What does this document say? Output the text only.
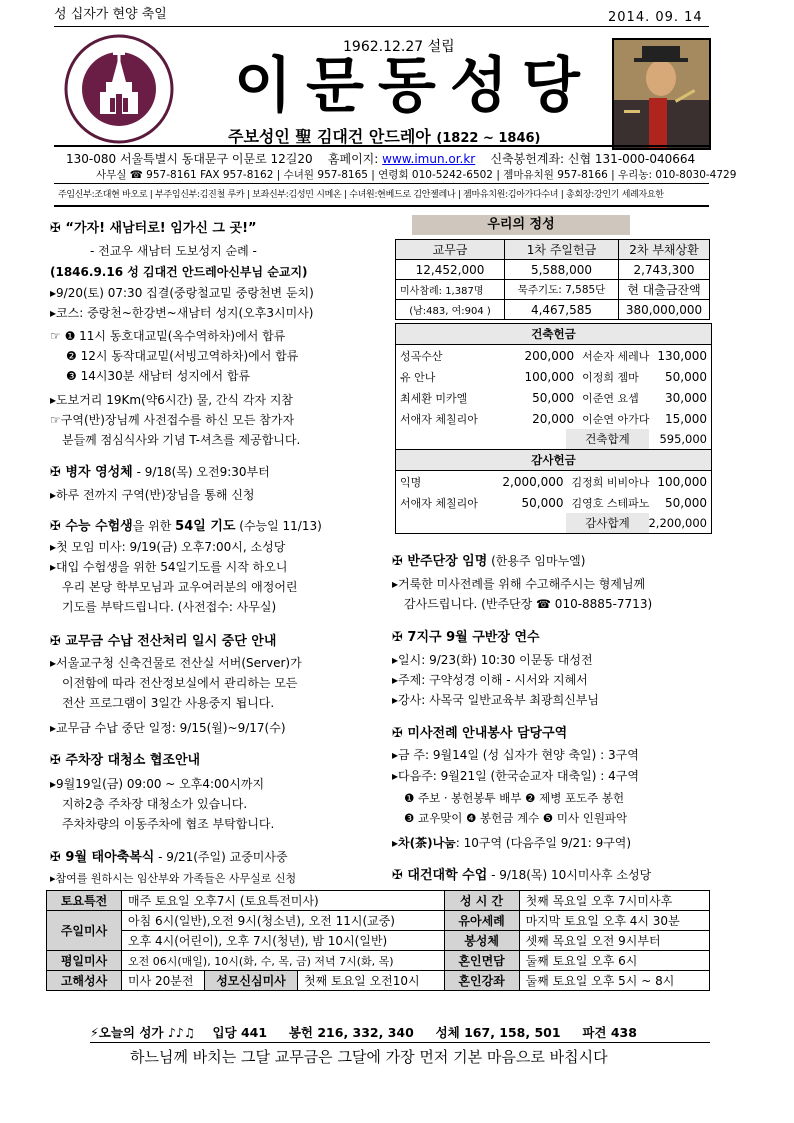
성 십자가 현양 축일	2014. 09. 14
1962.12.27 설립
이문동성당
주보성인 聖 김대건 안드레아 (1822 ~ 1846)
130-080 서울특별시 동대문구 이문로 12길20 홈페이지: www.imun.or.kr 신축봉헌계좌: 신협 131-000-040664
사무실 ☎ 957-8161 FAX 957-8162 | 수녀원 957-8165 | 연령회 010-5242-6502 | 젬마유치원 957-8166 | 우리농: 010-8030-4729
주임신부:조대현 바오로 | 부주임신부:김진철 루카 | 보좌신부:김성민 시메온 | 수녀원:현베드로 김안젤레나 | 젬마유치원:김아가다수녀 | 총회장:강인기 세례자요한
✠ “가자! 새남터로! 임가신 그 곳!”
- 전교우 새남터 도보성지 순례 -
(1846.9.16 성 김대건 안드레아신부님 순교지)
▸9/20(토) 07:30 집결(중랑철교밑 중랑천변 둔치)
▸코스: 중랑천~한강변~새남터 성지(오후3시미사)
☞ ❶ 11시 동호대교밑(옥수역하차)에서 합류
❷ 12시 동작대교밑(서빙고역하차)에서 합류
❸ 14시30분 새남터 성지에서 합류
▸도보거리 19Km(약6시간) 물, 간식 각자 지참
☞구역(반)장님께 사전접수를 하신 모든 참가자
분들께 점심식사와 기념 T-셔츠를 제공합니다.
✠ 병자 영성체 - 9/18(목) 오전9:30부터
▸하루 전까지 구역(반)장님을 통해 신청
✠ 수능 수험생을 위한 54일 기도 (수능일 11/13)
▸첫 모임 미사: 9/19(금) 오후7:00시, 소성당
▸대입 수험생을 위한 54일기도를 시작 하오니
우리 본당 학부모님과 교우여러분의 애정어린
기도를 부탁드립니다. (사전접수: 사무실)
✠ 교무금 수납 전산처리 일시 중단 안내
▸서울교구청 신축건물로 전산실 서버(Server)가
이전함에 따라 전산정보실에서 관리하는 모든
전산 프로그램이 3일간 사용중지 됩니다.
▸교무금 수납 중단 일정: 9/15(월)~9/17(수)
✠ 주차장 대청소 협조안내
▸9월19일(금) 09:00 ~ 오후4:00시까지
지하2층 주차장 대청소가 있습니다.
주차차량의 이동주차에 협조 부탁합니다.
✠ 9월 태아축복식 - 9/21(주일) 교중미사중
▸참여를 원하시는 임산부와 가족들은 사무실로 신청
우리의 정성
교무금	1차 주일헌금	2차 부채상환
12,452,000	5,588,000	2,743,300
미사참례: 1,387명	묵주기도: 7,585단	현 대출금잔액
(남:483, 여:904 )	4,467,585	380,000,000
건축헌금
성곡수산	200,000	서순자 세레나	130,000
유 안나	100,000	이정희 젬마	50,000
최세환 미카엘	50,000	이준연 요셉	30,000
서애자 체칠리아	20,000	이순연 아가다	15,000
건축합계	595,000
감사헌금
익명	2,000,000	김정희 비비아나	100,000
서애자 체칠리아	50,000	김영호 스테파노	50,000
감사합계	2,200,000
✠ 반주단장 임명 (한용주 임마누엘)
▸거룩한 미사전례를 위해 수고해주시는 형제님께
감사드립니다. (반주단장 ☎ 010-8885-7713)
✠ 7지구 9월 구반장 연수
▸일시: 9/23(화) 10:30 이문동 대성전
▸주제: 구약성경 이해 - 시서와 지혜서
▸강사: 사목국 일반교육부 최광희신부님
✠ 미사전례 안내봉사 담당구역
▸금 주: 9월14일 (성 십자가 현양 축일) : 3구역
▸다음주: 9월21일 (한국순교자 대축일) : 4구역
❶ 주보 · 봉헌봉투 배부 ❷ 제병 포도주 봉헌
❸ 교우맞이 ❹ 봉헌금 계수 ❺ 미사 인원파악
▸차(茶)나눔: 10구역 (다음주일 9/21: 9구역)
✠ 대건대학 수업 - 9/18(목) 10시미사후 소성당
토요특전	매주 토요일 오후7시 (토요특전미사)			성 시 간	첫째 목요일 오후 7시미사후
주일미사	아침 6시(일반),오전 9시(청소년), 오전 11시(교중)			유아세례	마지막 토요일 오후 4시 30분
	오후 4시(어린이), 오후 7시(청년), 밤 10시(일반)			봉성체	셋째 목요일 오전 9시부터
평일미사	오전 06시(매일), 10시(화, 수, 목, 금) 저녁 7시(화, 목)			혼인면담	둘째 토요일 오후 6시
고해성사	미사 20분전	성모신심미사	첫째 토요일 오전10시	혼인강좌	둘째 토요일 오후 5시 ~ 8시
⚡오늘의 성가 ♪♪♫ 입당 441 봉헌 216, 332, 340 성체 167, 158, 501 파견 438
하느님께 바치는 그달 교무금은 그달에 가장 먼저 기본 마음으로 바칩시다
